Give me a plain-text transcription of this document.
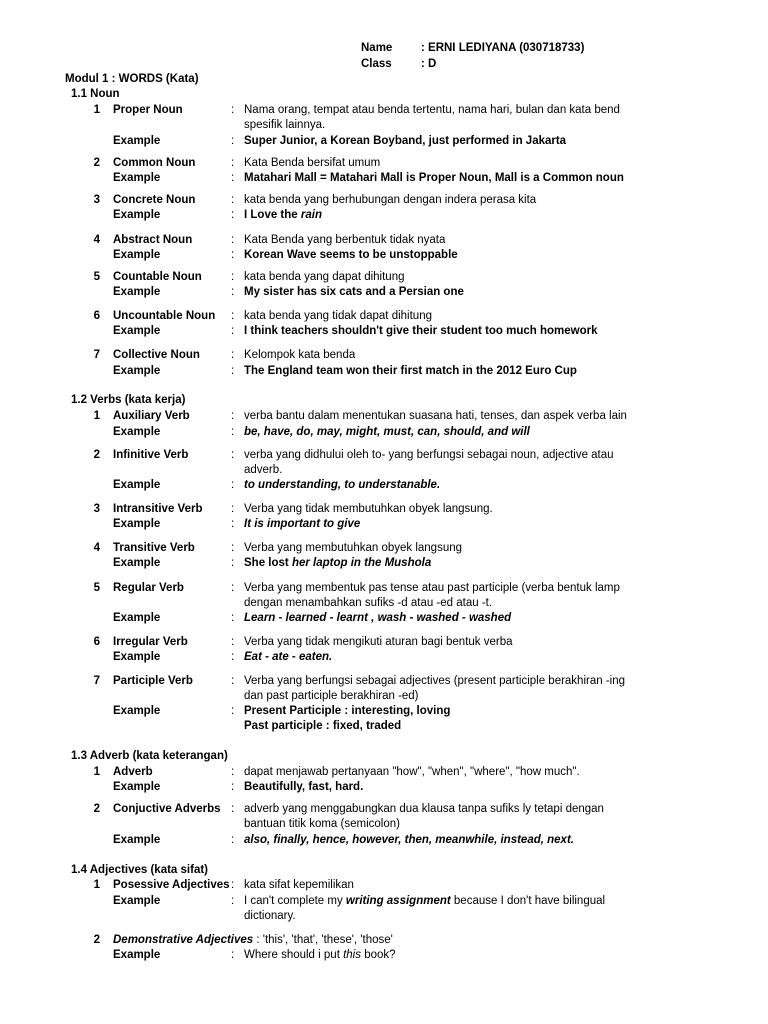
Name : ERNI LEDIYANA (030718733)
Class	: D
Modul 1 : WORDS (Kata)
1.1 Noun
1 Proper Noun	: Nama orang, tempat atau benda tertentu, nama hari, bulan dan kata bend
spesifik lainnya.
Example	: Super Junior, a Korean Boyband, just performed in Jakarta
2 Common Noun	: Kata Benda bersifat umum
Example	: Matahari Mall = Matahari Mall is Proper Noun, Mall is a Common noun
3 Concrete Noun	: kata benda yang berhubungan dengan indera perasa kita
Example	: I Love the rain
4 Abstract Noun	: Kata Benda yang berbentuk tidak nyata
Example	: Korean Wave seems to be unstoppable
5 Countable Noun	: kata benda yang dapat dihitung
Example	: My sister has six cats and a Persian one
6 Uncountable Noun : kata benda yang tidak dapat dihitung
Example	: I think teachers shouldn't give their student too much homework
7 Collective Noun	: Kelompok kata benda
Example	: The England team won their first match in the 2012 Euro Cup
1.2 Verbs (kata kerja)
1 Auxiliary Verb	: verba bantu dalam menentukan suasana hati, tenses, dan aspek verba lain
Example	: be, have, do, may, might, must, can, should, and will
2 Infinitive Verb	: verba yang didhului oleh to- yang berfungsi sebagai noun, adjective atau
adverb.
Example	: to understanding, to understanable.
3 Intransitive Verb : Verba yang tidak membutuhkan obyek langsung.
Example	: It is important to give
4 Transitive Verb	: Verba yang membutuhkan obyek langsung
Example	: She lost her laptop in the Mushola
5 Regular Verb	: Verba yang membentuk pas tense atau past participle (verba bentuk lamp
dengan menambahkan sufiks -d atau -ed atau -t.
Example	: Learn - learned - learnt , wash - washed - washed
6 Irregular Verb	: Verba yang tidak mengikuti aturan bagi bentuk verba
Example	: Eat - ate - eaten.
7 Participle Verb	: Verba yang berfungsi sebagai adjectives (present participle berakhiran -ing
dan past participle berakhiran -ed)
Example	: Present Participle : interesting, loving
Past participle : fixed, traded
1.3 Adverb (kata keterangan)
1 Adverb	: dapat menjawab pertanyaan "how", "when", "where", "how much".
Example	: Beautifully, fast, hard.
2 Conjuctive Adverbs : adverb yang menggabungkan dua klausa tanpa sufiks ly tetapi dengan
bantuan titik koma (semicolon)
Example	: also, finally, hence, however, then, meanwhile, instead, next.
1.4 Adjectives (kata sifat)
1 Posessive Adjectives : kata sifat kepemilikan
Example	: I can't complete my writing assignment because I don't have bilingual
dictionary.
2 Demonstrative Adjectives : 'this', 'that', 'these', 'those'
Example	: Where should i put this book?
